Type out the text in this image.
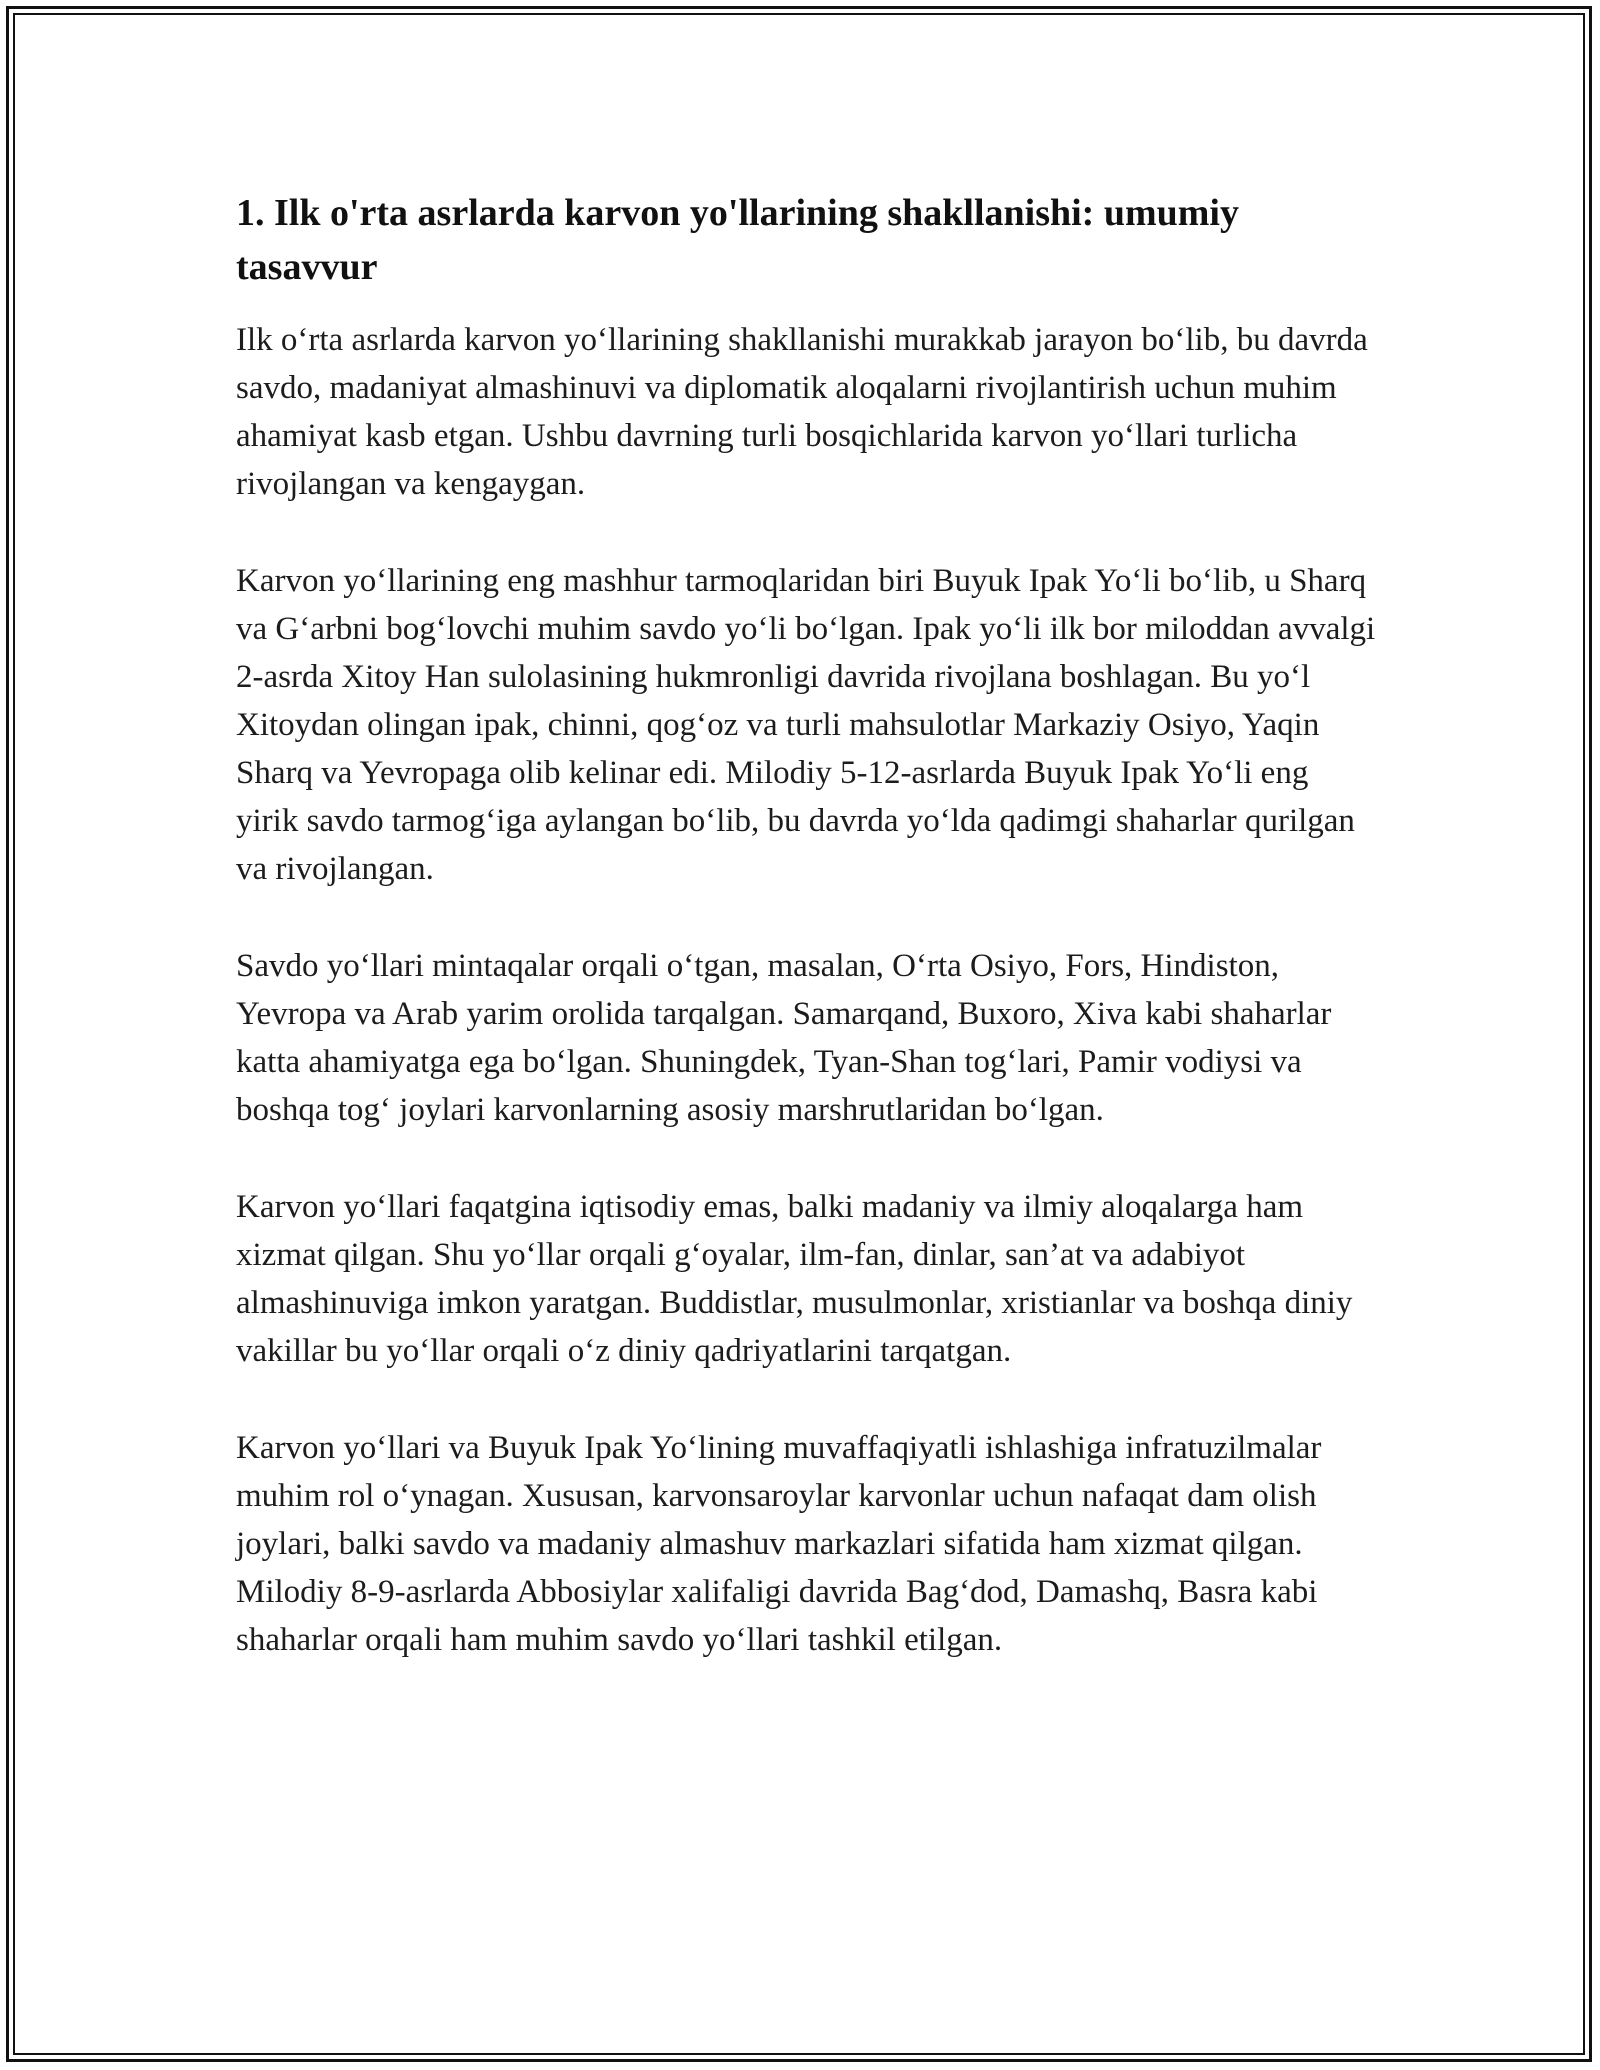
1. Ilk o'rta asrlarda karvon yo'llarining shakllanishi: umumiy tasavvur

Ilk o‘rta asrlarda karvon yo‘llarining shakllanishi murakkab jarayon bo‘lib, bu davrda savdo, madaniyat almashinuvi va diplomatik aloqalarni rivojlantirish uchun muhim ahamiyat kasb etgan. Ushbu davrning turli bosqichlarida karvon yo‘llari turlicha rivojlangan va kengaygan.

Karvon yo‘llarining eng mashhur tarmoqlaridan biri Buyuk Ipak Yo‘li bo‘lib, u Sharq va G‘arbni bog‘lovchi muhim savdo yo‘li bo‘lgan. Ipak yo‘li ilk bor miloddan avvalgi 2-asrda Xitoy Han sulolasining hukmronligi davrida rivojlana boshlagan. Bu yo‘l Xitoydan olingan ipak, chinni, qog‘oz va turli mahsulotlar Markaziy Osiyo, Yaqin Sharq va Yevropaga olib kelinar edi. Milodiy 5-12-asrlarda Buyuk Ipak Yo‘li eng yirik savdo tarmog‘iga aylangan bo‘lib, bu davrda yo‘lda qadimgi shaharlar qurilgan va rivojlangan.

Savdo yo‘llari mintaqalar orqali o‘tgan, masalan, O‘rta Osiyo, Fors, Hindiston, Yevropa va Arab yarim orolida tarqalgan. Samarqand, Buxoro, Xiva kabi shaharlar katta ahamiyatga ega bo‘lgan. Shuningdek, Tyan-Shan tog‘lari, Pamir vodiysi va boshqa tog‘ joylari karvonlarning asosiy marshrutlaridan bo‘lgan.

Karvon yo‘llari faqatgina iqtisodiy emas, balki madaniy va ilmiy aloqalarga ham xizmat qilgan. Shu yo‘llar orqali g‘oyalar, ilm-fan, dinlar, san’at va adabiyot almashinuviga imkon yaratgan. Buddistlar, musulmonlar, xristianlar va boshqa diniy vakillar bu yo‘llar orqali o‘z diniy qadriyatlarini tarqatgan.

Karvon yo‘llari va Buyuk Ipak Yo‘lining muvaffaqiyatli ishlashiga infratuzilmalar muhim rol o‘ynagan. Xususan, karvonsaroylar karvonlar uchun nafaqat dam olish joylari, balki savdo va madaniy almashuv markazlari sifatida ham xizmat qilgan. Milodiy 8-9-asrlarda Abbosiylar xalifaligi davrida Bag‘dod, Damashq, Basra kabi shaharlar orqali ham muhim savdo yo‘llari tashkil etilgan.
